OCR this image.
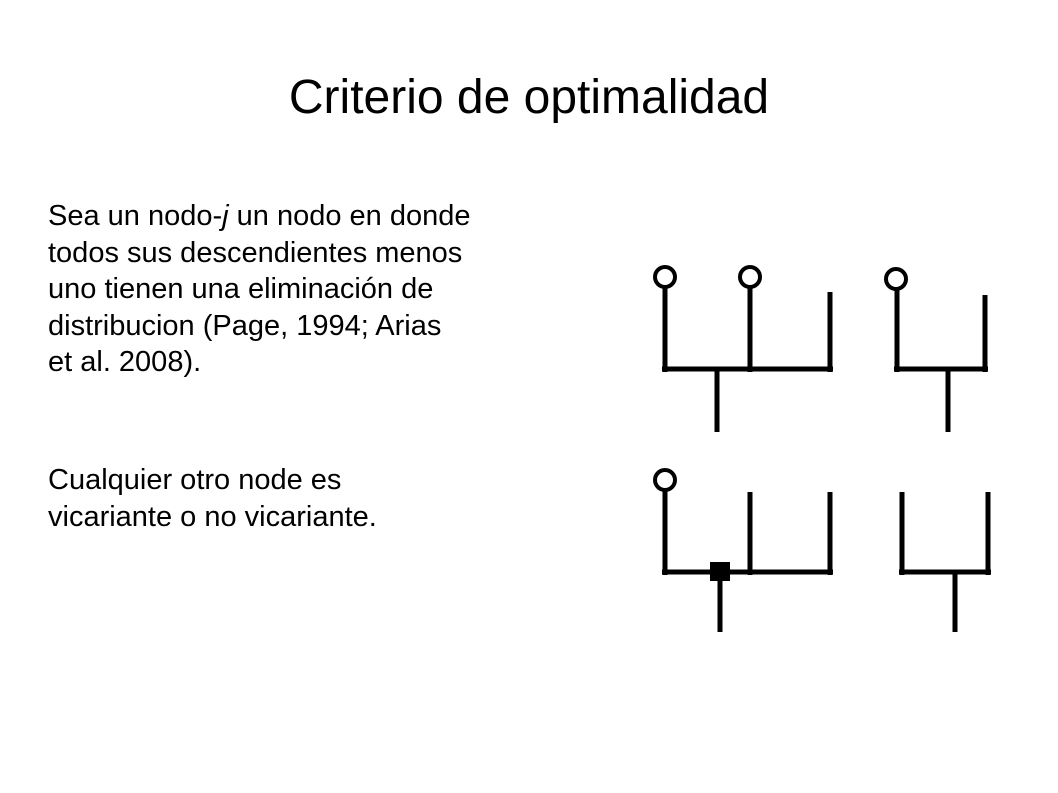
Criterio de optimalidad
Sea un nodo-j un nodo en donde
todos sus descendientes menos
uno tienen una eliminación de
distribucion (Page, 1994; Arias
et al. 2008).
Cualquier otro node es
vicariante o no vicariante.
